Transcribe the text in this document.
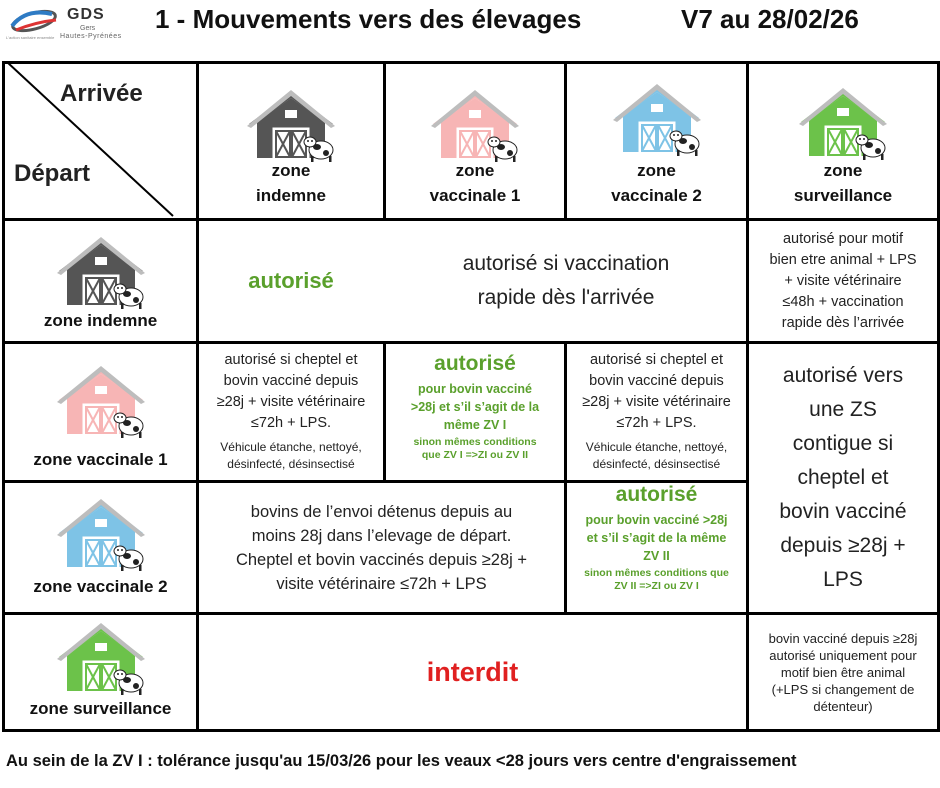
GDS
Gers
Hautes-Pyrénées
L'action sanitaire ensemble
1 - Mouvements vers des élevages	V7 au 28/02/26
Arrivée
Départ	zone
indemne
zone
vaccinale 1
zone
vaccinale 2
zone
surveillance
zone indemne
zone vaccinale 1
zone vaccinale 2
zone surveillance
autorisé
autorisé si vaccination
rapide dès l'arrivée
autorisé pour motif
bien etre animal + LPS
+ visite vétérinaire
≤48h + vaccination
rapide dès l’arrivée
autorisé si cheptel et
bovin vacciné depuis
≥28j + visite vétérinaire
≤72h + LPS.
Véhicule étanche, nettoyé,
désinfecté, désinsectisé
autorisé
pour bovin vacciné
>28j et s’il s’agit de la
même ZV I
sinon mêmes conditions
que ZV I =>ZI ou ZV II
autorisé si cheptel et
bovin vacciné depuis
≥28j + visite vétérinaire
≤72h + LPS.
Véhicule étanche, nettoyé,
désinfecté, désinsectisé
autorisé vers
une ZS
contigue si
cheptel et
bovin vacciné
depuis ≥28j +
LPS
bovins de l’envoi détenus depuis au
moins 28j dans l’elevage de départ.
Cheptel et bovin vaccinés depuis ≥28j +
visite vétérinaire ≤72h + LPS
autorisé
pour bovin vacciné >28j
et s’il s’agit de la même
ZV II
sinon mêmes conditions que
ZV II =>ZI ou ZV I
interdit
bovin vacciné depuis ≥28j
autorisé uniquement pour
motif bien être animal
(+LPS si changement de
détenteur)
Au sein de la ZV I : tolérance jusqu'au 15/03/26 pour les veaux <28 jours vers centre d'engraissement
